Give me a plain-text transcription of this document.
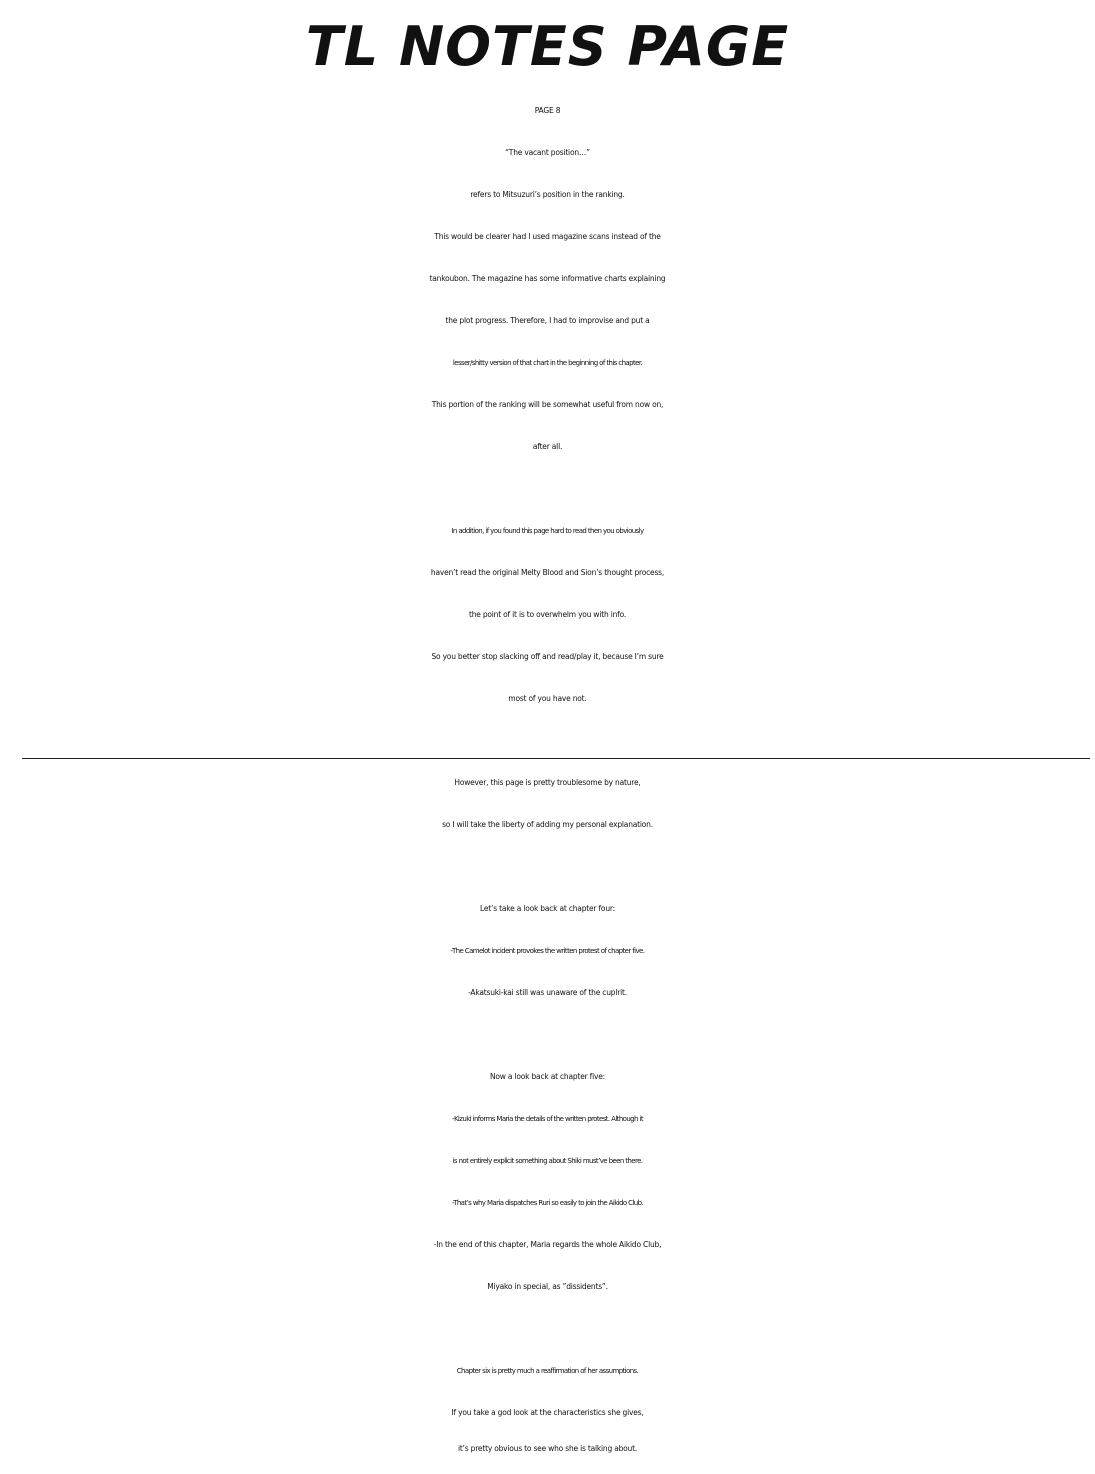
TL NOTES PAGE
PAGE 8
“The vacant position…”
refers to Mitsuzuri’s position in the ranking.
This would be clearer had I used magazine scans instead of the
tankoubon. The magazine has some informative charts explaining
the plot progress. Therefore, I had to improvise and put a
lesser/shitty version of that chart in the beginning of this chapter.
This portion of the ranking will be somewhat useful from now on,
after all.
In addition, if you found this page hard to read then you obviously
haven’t read the original Melty Blood and Sion’s thought process,
the point of it is to overwhelm you with info.
So you better stop slacking off and read/play it, because I’m sure
most of you have not.
However, this page is pretty troublesome by nature,
so I will take the liberty of adding my personal explanation.
Let’s take a look back at chapter four:
-The Camelot incident provokes the written protest of chapter five.
-Akatsuki-kai still was unaware of the cuplrit.
Now a look back at chapter five:
-Kizuki informs Maria the details of the written protest. Although it
is not entirely explicit something about Shiki must’ve been there.
-That’s why Maria dispatches Ruri so easily to join the Aikido Club.
-In the end of this chapter, Maria regards the whole Aikido Club,
Miyako in special, as ”dissidents”.
Chapter six is pretty much a reaffirmation of her assumptions.
If you take a god look at the characteristics she gives,
it’s pretty obvious to see who she is talking about.
